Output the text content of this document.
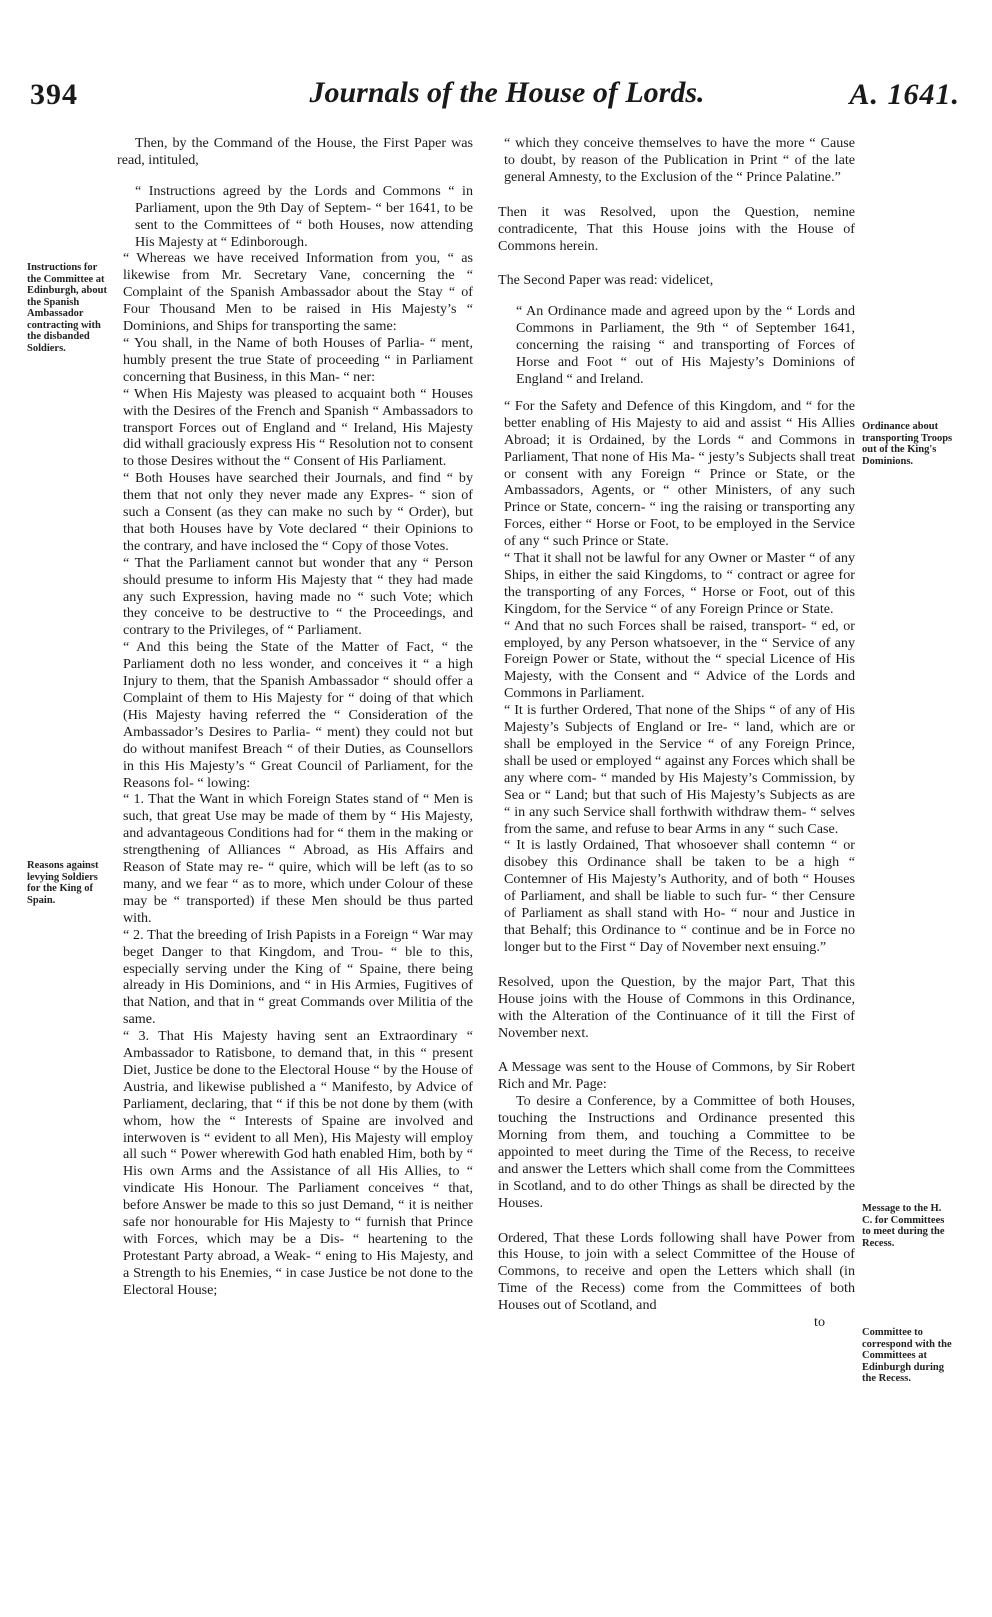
394	Journals of the House of Lords.	A. 1641.
Instructions for the Committee at Edinburgh, about the Spanish Ambassador contracting with the disbanded Soldiers.
Reasons against levying Soldiers for the King of Spain.
Ordinance about transporting Troops out of the King's Dominions.
Message to the H. C. for Committees to meet during the Recess.
Committee to correspond with the Committees at Edinburgh during the Recess.

Then, by the Command of the House, the First Paper was read, intituled,

“ Instructions agreed by the Lords and Commons “ in Parliament, upon the 9th Day of Septem- “ ber 1641, to be sent to the Committees of “ both Houses, now attending His Majesty at “ Edinborough.

“ Whereas we have received Information from you, “ as likewise from Mr. Secretary Vane, concerning the “ Complaint of the Spanish Ambassador about the Stay “ of Four Thousand Men to be raised in His Majesty’s “ Dominions, and Ships for transporting the same:

“ You shall, in the Name of both Houses of Parlia- “ ment, humbly present the true State of proceeding “ in Parliament concerning that Business, in this Man- “ ner:

“ When His Majesty was pleased to acquaint both “ Houses with the Desires of the French and Spanish “ Ambassadors to transport Forces out of England and “ Ireland, His Majesty did withall graciously express His “ Resolution not to consent to those Desires without the “ Consent of His Parliament.

“ Both Houses have searched their Journals, and find “ by them that not only they never made any Expres- “ sion of such a Consent (as they can make no such by “ Order), but that both Houses have by Vote declared “ their Opinions to the contrary, and have inclosed the “ Copy of those Votes.

“ That the Parliament cannot but wonder that any “ Person should presume to inform His Majesty that “ they had made any such Expression, having made no “ such Vote; which they conceive to be destructive to “ the Proceedings, and contrary to the Privileges, of “ Parliament.

“ And this being the State of the Matter of Fact, “ the Parliament doth no less wonder, and conceives it “ a high Injury to them, that the Spanish Ambassador “ should offer a Complaint of them to His Majesty for “ doing of that which (His Majesty having referred the “ Consideration of the Ambassador’s Desires to Parlia- “ ment) they could not but do without manifest Breach “ of their Duties, as Counsellors in this His Majesty’s “ Great Council of Parliament, for the Reasons fol- “ lowing:

“ 1. That the Want in which Foreign States stand of “ Men is such, that great Use may be made of them by “ His Majesty, and advantageous Conditions had for “ them in the making or strengthening of Alliances “ Abroad, as His Affairs and Reason of State may re- “ quire, which will be left (as to so many, and we fear “ as to more, which under Colour of these may be “ transported) if these Men should be thus parted with.

“ 2. That the breeding of Irish Papists in a Foreign “ War may beget Danger to that Kingdom, and Trou- “ ble to this, especially serving under the King of “ Spaine, there being already in His Dominions, and “ in His Armies, Fugitives of that Nation, and that in “ great Commands over Militia of the same.

“ 3. That His Majesty having sent an Extraordinary “ Ambassador to Ratisbone, to demand that, in this “ present Diet, Justice be done to the Electoral House “ by the House of Austria, and likewise published a “ Manifesto, by Advice of Parliament, declaring, that “ if this be not done by them (with whom, how the “ Interests of Spaine are involved and interwoven is “ evident to all Men), His Majesty will employ all such “ Power wherewith God hath enabled Him, both by “ His own Arms and the Assistance of all His Allies, to “ vindicate His Honour. The Parliament conceives “ that, before Answer be made to this so just Demand, “ it is neither safe nor honourable for His Majesty to “ furnish that Prince with Forces, which may be a Dis- “ heartening to the Protestant Party abroad, a Weak- “ ening to His Majesty, and a Strength to his Enemies, “ in case Justice be not done to the Electoral House;

“ which they conceive themselves to have the more “ Cause to doubt, by reason of the Publication in Print “ of the late general Amnesty, to the Exclusion of the “ Prince Palatine.”

Then it was Resolved, upon the Question, nemine contradicente, That this House joins with the House of Commons herein.

The Second Paper was read: videlicet,

“ An Ordinance made and agreed upon by the “ Lords and Commons in Parliament, the 9th “ of September 1641, concerning the raising “ and transporting of Forces of Horse and Foot “ out of His Majesty’s Dominions of England “ and Ireland.

“ For the Safety and Defence of this Kingdom, and “ for the better enabling of His Majesty to aid and assist “ His Allies Abroad; it is Ordained, by the Lords “ and Commons in Parliament, That none of His Ma- “ jesty’s Subjects shall treat or consent with any Foreign “ Prince or State, or the Ambassadors, Agents, or “ other Ministers, of any such Prince or State, concern- “ ing the raising or transporting any Forces, either “ Horse or Foot, to be employed in the Service of any “ such Prince or State.

“ That it shall not be lawful for any Owner or Master “ of any Ships, in either the said Kingdoms, to “ contract or agree for the transporting of any Forces, “ Horse or Foot, out of this Kingdom, for the Service “ of any Foreign Prince or State.

“ And that no such Forces shall be raised, transport- “ ed, or employed, by any Person whatsoever, in the “ Service of any Foreign Power or State, without the “ special Licence of His Majesty, with the Consent and “ Advice of the Lords and Commons in Parliament.

“ It is further Ordered, That none of the Ships “ of any of His Majesty’s Subjects of England or Ire- “ land, which are or shall be employed in the Service “ of any Foreign Prince, shall be used or employed “ against any Forces which shall be any where com- “ manded by His Majesty’s Commission, by Sea or “ Land; but that such of His Majesty’s Subjects as are “ in any such Service shall forthwith withdraw them- “ selves from the same, and refuse to bear Arms in any “ such Case.

“ It is lastly Ordained, That whosoever shall contemn “ or disobey this Ordinance shall be taken to be a high “ Contemner of His Majesty’s Authority, and of both “ Houses of Parliament, and shall be liable to such fur- “ ther Censure of Parliament as shall stand with Ho- “ nour and Justice in that Behalf; this Ordinance to “ continue and be in Force no longer but to the First “ Day of November next ensuing.”

Resolved, upon the Question, by the major Part, That this House joins with the House of Commons in this Ordinance, with the Alteration of the Continuance of it till the First of November next.

A Message was sent to the House of Commons, by Sir Robert Rich and Mr. Page:

To desire a Conference, by a Committee of both Houses, touching the Instructions and Ordinance presented this Morning from them, and touching a Committee to be appointed to meet during the Time of the Recess, to receive and answer the Letters which shall come from the Committees in Scotland, and to do other Things as shall be directed by the Houses.

Ordered, That these Lords following shall have Power from this House, to join with a select Committee of the House of Commons, to receive and open the Letters which shall (in Time of the Recess) come from the Committees of both Houses out of Scotland, and

to
